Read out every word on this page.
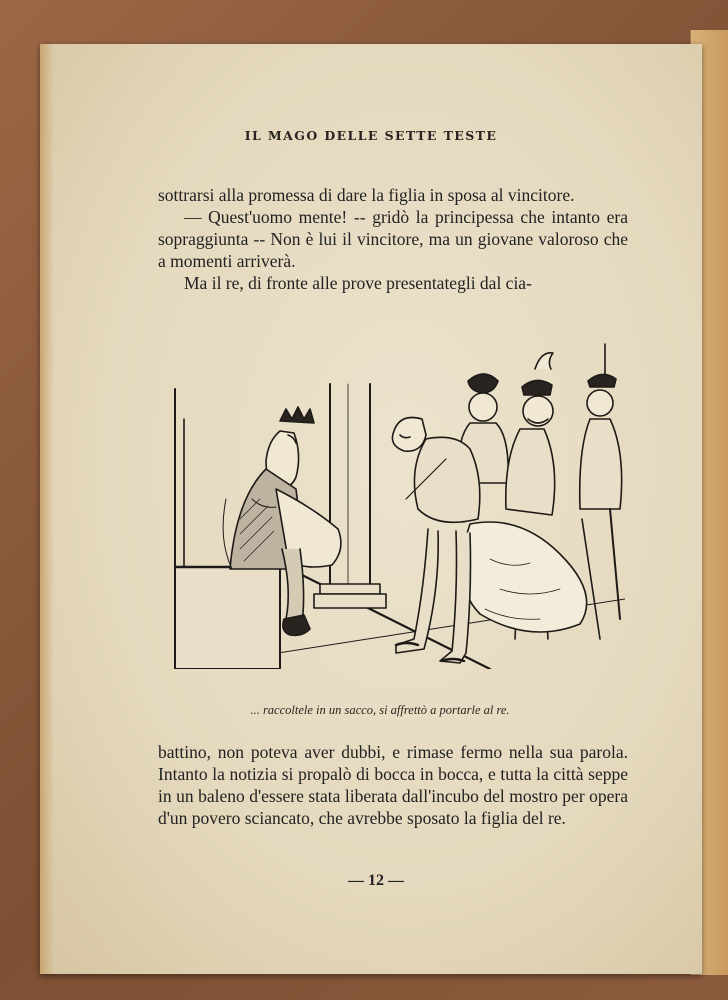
IL MAGO DELLE SETTE TESTE

sottrarsi alla promessa di dare la figlia in sposa al vincitore.

— Quest'uomo mente! -- gridò la principessa che intanto era sopraggiunta -- Non è lui il vincitore, ma un giovane valoroso che a momenti arriverà.

Ma il re, di fronte alle prove presentategli dal cia-

... raccoltele in un sacco, si affrettò a portarle al re.

battino, non poteva aver dubbi, e rimase fermo nella sua parola. Intanto la notizia si propalò di bocca in bocca, e tutta la città seppe in un baleno d'essere stata liberata dall'incubo del mostro per opera d'un povero sciancato, che avrebbe sposato la figlia del re.

— 12 —
